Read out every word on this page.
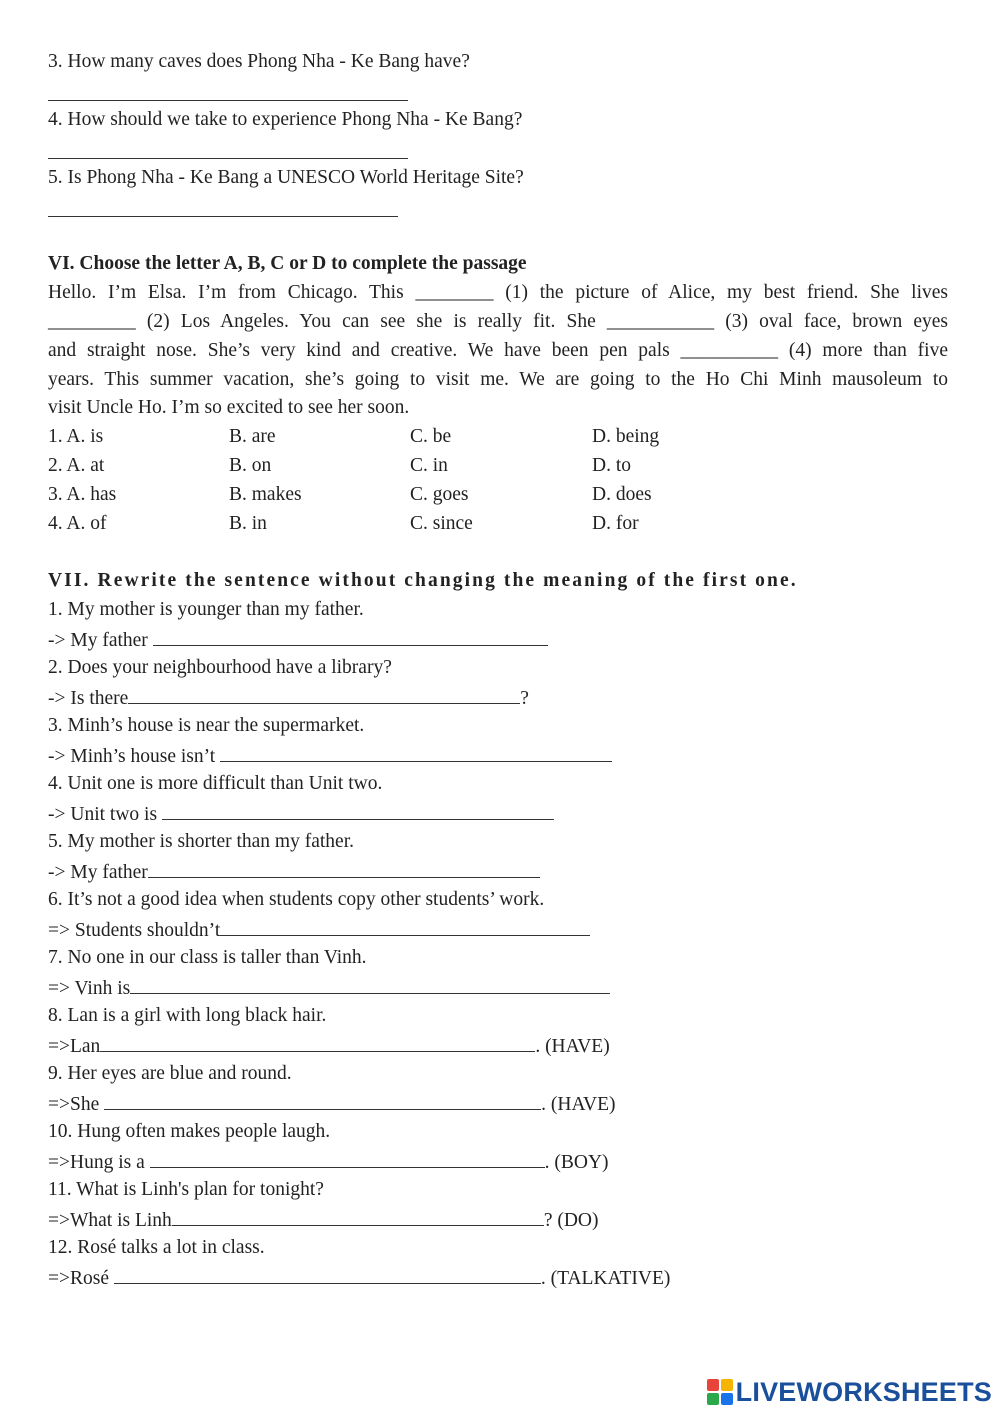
3. How many caves does Phong Nha - Ke Bang have?
4. How should we take to experience Phong Nha - Ke Bang?
5. Is Phong Nha - Ke Bang a UNESCO World Heritage Site?
VI. Choose the letter A, B, C or D to complete the passage
Hello. I’m Elsa. I’m from Chicago. This ________ (1) the picture of Alice, my best friend. She lives
_________ (2) Los Angeles. You can see she is really fit. She ___________ (3) oval face, brown eyes
and straight nose. She’s very kind and creative. We have been pen pals __________ (4) more than five
years. This summer vacation, she’s going to visit me. We are going to the Ho Chi Minh mausoleum to
visit Uncle Ho. I’m so excited to see her soon.
1. A. is	B. are	C. be	D. being
2. A. at	B. on	C. in	D. to
3. A. has	B. makes	C. goes	D. does
4. A. of	B. in	C. since	D. for
VII. Rewrite the sentence without changing the meaning of the first one.
1. My mother is younger than my father.
-> My father
2. Does your neighbourhood have a library?
-> Is there	?
3. Minh’s house is near the supermarket.
-> Minh’s house isn’t
4. Unit one is more difficult than Unit two.
-> Unit two is
5. My mother is shorter than my father.
-> My father
6. It’s not a good idea when students copy other students’ work.
=> Students shouldn’t
7. No one in our class is taller than Vinh.
=> Vinh is
8. Lan is a girl with long black hair.
=>Lan	. (HAVE)
9. Her eyes are blue and round.
=>She	. (HAVE)
10. Hung often makes people laugh.
=>Hung is a	. (BOY)
11. What is Linh's plan for tonight?
=>What is Linh	? (DO)
12. Rosé talks a lot in class.
=>Rosé	. (TALKATIVE)
LIVEWORKSHEETS
